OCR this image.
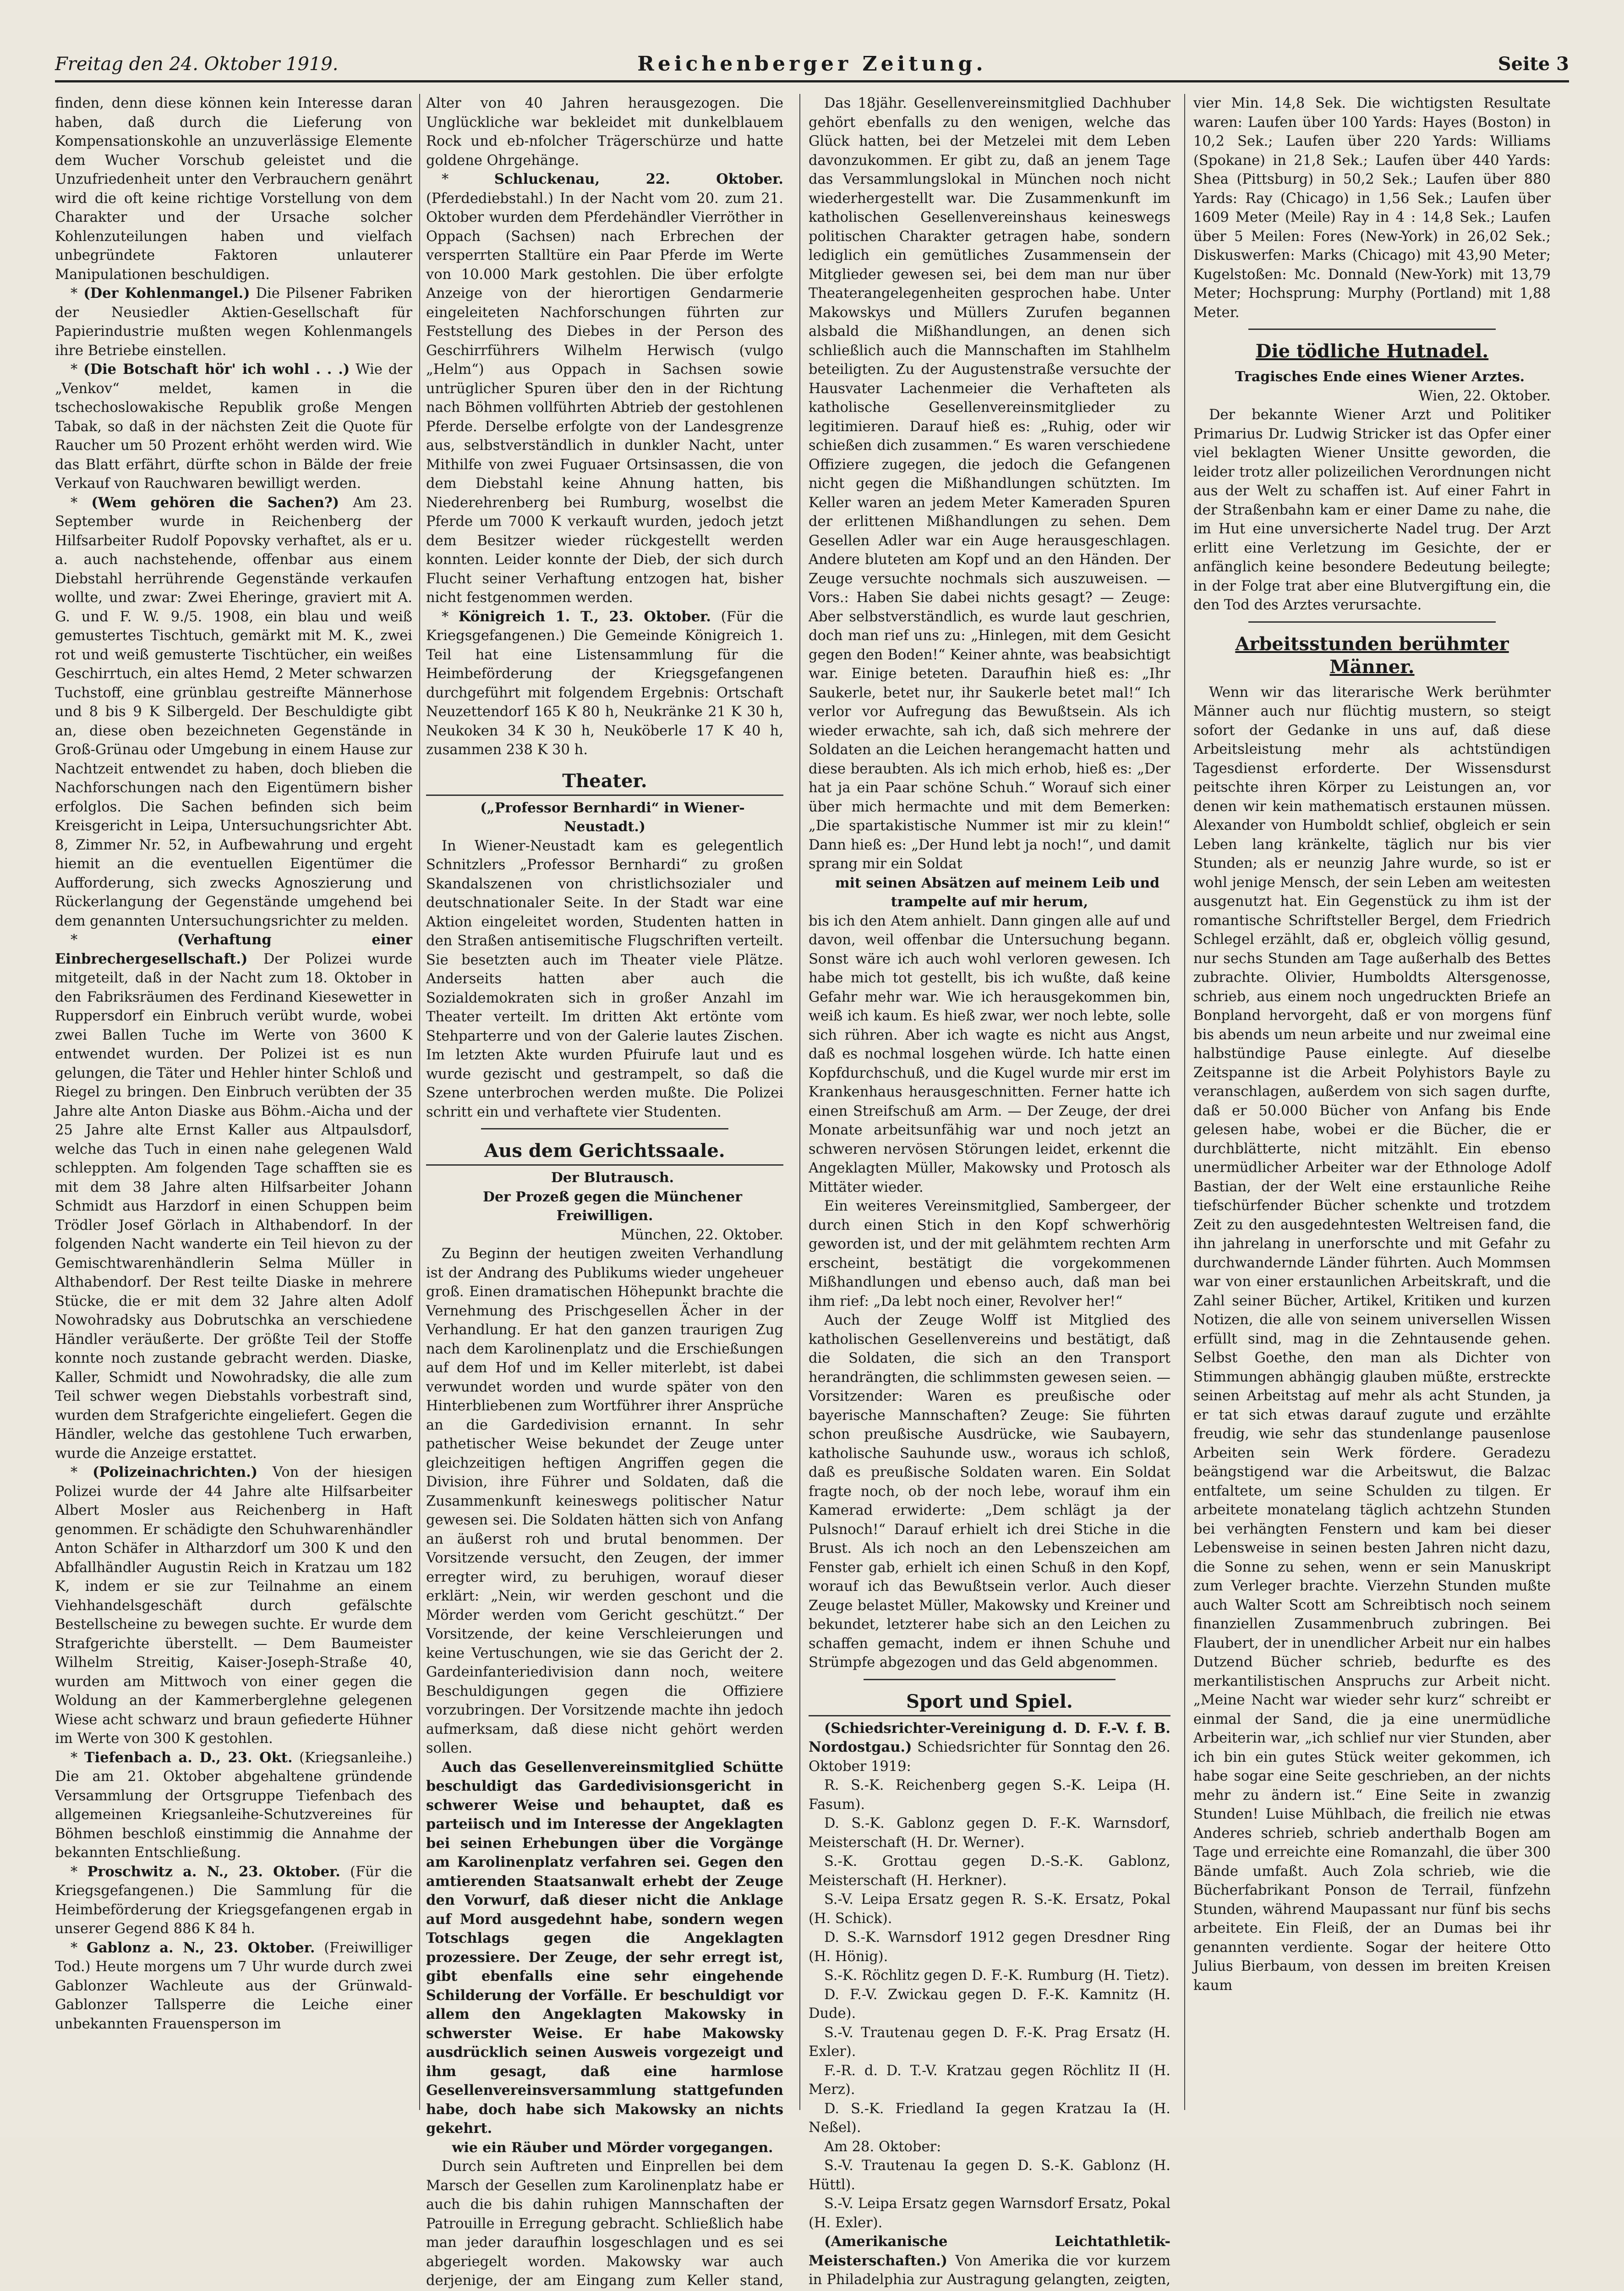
Freitag den 24. Oktober 1919.	Reichenberger Zeitung.	Seite 3

finden, denn diese können kein Interesse daran haben, daß durch die Lieferung von Kompensationskohle an unzuverlässige Elemente dem Wucher Vorschub geleistet und die Unzufriedenheit unter den Verbrauchern genährt wird die oft keine richtige Vorstellung von dem Charakter und der Ursache solcher Kohlenzuteilungen haben und vielfach unbegründete Faktoren unlauterer Manipulationen beschuldigen.

* (Der Kohlenmangel.) Die Pilsener Fabriken der Neusiedler Aktien-Gesellschaft für Papierindustrie mußten wegen Kohlenmangels ihre Betriebe einstellen.

* (Die Botschaft hör' ich wohl . . .) Wie der „Venkov“ meldet, kamen in die tschechoslowakische Republik große Mengen Tabak, so daß in der nächsten Zeit die Quote für Raucher um 50 Prozent erhöht werden wird. Wie das Blatt erfährt, dürfte schon in Bälde der freie Verkauf von Rauchwaren bewilligt werden.

* (Wem gehören die Sachen?) Am 23. September wurde in Reichenberg der Hilfsarbeiter Rudolf Popovsky verhaftet, als er u. a. auch nachstehende, offenbar aus einem Diebstahl herrührende Gegenstände verkaufen wollte, und zwar: Zwei Eheringe, graviert mit A. G. und F. W. 9./5. 1908, ein blau und weiß gemustertes Tischtuch, gemärkt mit M. K., zwei rot und weiß gemusterte Tischtücher, ein weißes Geschirrtuch, ein altes Hemd, 2 Meter schwarzen Tuchstoff, eine grünblau gestreifte Männerhose und 8 bis 9 K Silbergeld. Der Beschuldigte gibt an, diese oben bezeichneten Gegenstände in Groß-Grünau oder Umgebung in einem Hause zur Nachtzeit entwendet zu haben, doch blieben die Nachforschungen nach den Eigentümern bisher erfolglos. Die Sachen befinden sich beim Kreisgericht in Leipa, Untersuchungsrichter Abt. 8, Zimmer Nr. 52, in Aufbewahrung und ergeht hiemit an die eventuellen Eigentümer die Aufforderung, sich zwecks Agnoszierung und Rückerlangung der Gegenstände umgehend bei dem genannten Untersuchungsrichter zu melden.

* (Verhaftung einer Einbrechergesellschaft.) Der Polizei wurde mitgeteilt, daß in der Nacht zum 18. Oktober in den Fabriksräumen des Ferdinand Kiesewetter in Ruppersdorf ein Einbruch verübt wurde, wobei zwei Ballen Tuche im Werte von 3600 K entwendet wurden. Der Polizei ist es nun gelungen, die Täter und Hehler hinter Schloß und Riegel zu bringen. Den Einbruch verübten der 35 Jahre alte Anton Diaske aus Böhm.-Aicha und der 25 Jahre alte Ernst Kaller aus Altpaulsdorf, welche das Tuch in einen nahe gelegenen Wald schleppten. Am folgenden Tage schafften sie es mit dem 38 Jahre alten Hilfsarbeiter Johann Schmidt aus Harzdorf in einen Schuppen beim Trödler Josef Görlach in Althabendorf. In der folgenden Nacht wanderte ein Teil hievon zu der Gemischtwarenhändlerin Selma Müller in Althabendorf. Der Rest teilte Diaske in mehrere Stücke, die er mit dem 32 Jahre alten Adolf Nowohradsky aus Dobrutschka an verschiedene Händler veräußerte. Der größte Teil der Stoffe konnte noch zustande gebracht werden. Diaske, Kaller, Schmidt und Nowohradsky, die alle zum Teil schwer wegen Diebstahls vorbestraft sind, wurden dem Strafgerichte eingeliefert. Gegen die Händler, welche das gestohlene Tuch erwarben, wurde die Anzeige erstattet.

* (Polizeinachrichten.) Von der hiesigen Polizei wurde der 44 Jahre alte Hilfsarbeiter Albert Mosler aus Reichenberg in Haft genommen. Er schädigte den Schuhwarenhändler Anton Schäfer in Altharzdorf um 300 K und den Abfallhändler Augustin Reich in Kratzau um 182 K, indem er sie zur Teilnahme an einem Viehhandelsgeschäft durch gefälschte Bestellscheine zu bewegen suchte. Er wurde dem Strafgerichte überstellt. — Dem Baumeister Wilhelm Streitig, Kaiser-Joseph-Straße 40, wurden am Mittwoch von einer gegen die Woldung an der Kammerberglehne gelegenen Wiese acht schwarz und braun gefiederte Hühner im Werte von 300 K gestohlen.

* Tiefenbach a. D., 23. Okt. (Kriegsanleihe.) Die am 21. Oktober abgehaltene gründende Versammlung der Ortsgruppe Tiefenbach des allgemeinen Kriegsanleihe-Schutzvereines für Böhmen beschloß einstimmig die Annahme der bekannten Entschließung.

* Proschwitz a. N., 23. Oktober. (Für die Kriegsgefangenen.) Die Sammlung für die Heimbeförderung der Kriegsgefangenen ergab in unserer Gegend 886 K 84 h.

* Gablonz a. N., 23. Oktober. (Freiwilliger Tod.) Heute morgens um 7 Uhr wurde durch zwei Gablonzer Wachleute aus der Grünwald-Gablonzer Tallsperre die Leiche einer unbekannten Frauensperson im

Alter von 40 Jahren herausgezogen. Die Unglückliche war bekleidet mit dunkelblauem Rock und eb-nfolcher Trägerschürze und hatte goldene Ohrgehänge.

* Schluckenau, 22. Oktober. (Pferdediebstahl.) In der Nacht vom 20. zum 21. Oktober wurden dem Pferdehändler Vierröther in Oppach (Sachsen) nach Erbrechen der versperrten Stalltüre ein Paar Pferde im Werte von 10.000 Mark gestohlen. Die über erfolgte Anzeige von der hierortigen Gendarmerie eingeleiteten Nachforschungen führten zur Feststellung des Diebes in der Person des Geschirrführers Wilhelm Herwisch (vulgo „Helm“) aus Oppach in Sachsen sowie untrüglicher Spuren über den in der Richtung nach Böhmen vollführten Abtrieb der gestohlenen Pferde. Derselbe erfolgte von der Landesgrenze aus, selbstverständlich in dunkler Nacht, unter Mithilfe von zwei Fuguaer Ortsinsassen, die von dem Diebstahl keine Ahnung hatten, bis Niederehrenberg bei Rumburg, woselbst die Pferde um 7000 K verkauft wurden, jedoch jetzt dem Besitzer wieder rückgestellt werden konnten. Leider konnte der Dieb, der sich durch Flucht seiner Verhaftung entzogen hat, bisher nicht festgenommen werden.

* Königreich 1. T., 23. Oktober. (Für die Kriegsgefangenen.) Die Gemeinde Königreich 1. Teil hat eine Listensammlung für die Heimbeförderung der Kriegsgefangenen durchgeführt mit folgendem Ergebnis: Ortschaft Neuzettendorf 165 K 80 h, Neukränke 21 K 30 h, Neukoken 34 K 30 h, Neuköberle 17 K 40 h, zusammen 238 K 30 h.

Theater.

(„Professor Bernhardi“ in Wiener-Neustadt.)

In Wiener-Neustadt kam es gelegentlich Schnitzlers „Professor Bernhardi“ zu großen Skandalszenen von christlichsozialer und deutschnationaler Seite. In der Stadt war eine Aktion eingeleitet worden, Studenten hatten in den Straßen antisemitische Flugschriften verteilt. Sie besetzten auch im Theater viele Plätze. Anderseits hatten aber auch die Sozialdemokraten sich in großer Anzahl im Theater verteilt. Im dritten Akt ertönte vom Stehparterre und von der Galerie lautes Zischen. Im letzten Akte wurden Pfuirufe laut und es wurde gezischt und gestrampelt, so daß die Szene unterbrochen werden mußte. Die Polizei schritt ein und verhaftete vier Studenten.

Aus dem Gerichtssaale.

Der Blutrausch.

Der Prozeß gegen die Münchener Freiwilligen.

München, 22. Oktober.

Zu Beginn der heutigen zweiten Verhandlung ist der Andrang des Publikums wieder ungeheuer groß. Einen dramatischen Höhepunkt brachte die Vernehmung des Prischgesellen Ächer in der Verhandlung. Er hat den ganzen traurigen Zug nach dem Karolinenplatz und die Erschießungen auf dem Hof und im Keller miterlebt, ist dabei verwundet worden und wurde später von den Hinterbliebenen zum Wortführer ihrer Ansprüche an die Gardedivision ernannt. In sehr pathetischer Weise bekundet der Zeuge unter gleichzeitigen heftigen Angriffen gegen die Division, ihre Führer und Soldaten, daß die Zusammenkunft keineswegs politischer Natur gewesen sei. Die Soldaten hätten sich von Anfang an äußerst roh und brutal benommen. Der Vorsitzende versucht, den Zeugen, der immer erregter wird, zu beruhigen, worauf dieser erklärt: „Nein, wir werden geschont und die Mörder werden vom Gericht geschützt.“ Der Vorsitzende, der keine Verschleierungen und keine Vertuschungen, wie sie das Gericht der 2. Gardeinfanteriedivision dann noch, weitere Beschuldigungen gegen die Offiziere vorzubringen. Der Vorsitzende machte ihn jedoch aufmerksam, daß diese nicht gehört werden sollen.

Auch das Gesellenvereinsmitglied Schütte beschuldigt das Gardedivisionsgericht in schwerer Weise und behauptet, daß es parteiisch und im Interesse der Angeklagten bei seinen Erhebungen über die Vorgänge am Karolinenplatz verfahren sei. Gegen den amtierenden Staatsanwalt erhebt der Zeuge den Vorwurf, daß dieser nicht die Anklage auf Mord ausgedehnt habe, sondern wegen Totschlags gegen die Angeklagten prozessiere. Der Zeuge, der sehr erregt ist, gibt ebenfalls eine sehr eingehende Schilderung der Vorfälle. Er beschuldigt vor allem den Angeklagten Makowsky in schwerster Weise. Er habe Makowsky ausdrücklich seinen Ausweis vorgezeigt und ihm gesagt, daß eine harmlose Gesellenvereinsversammlung stattgefunden habe, doch habe sich Makowsky an nichts gekehrt.

wie ein Räuber und Mörder vorgegangen.

Durch sein Auftreten und Einprellen bei dem Marsch der Gesellen zum Karolinenplatz habe er auch die bis dahin ruhigen Mannschaften der Patrouille in Erregung gebracht. Schließlich habe man jeder daraufhin losgeschlagen und es sei abgeriegelt worden. Makowsky war auch derjenige, der am Eingang zum Keller stand,

Das 18jähr. Gesellenvereinsmitglied Dachhuber gehört ebenfalls zu den wenigen, welche das Glück hatten, bei der Metzelei mit dem Leben davonzukommen. Er gibt zu, daß an jenem Tage das Versammlungslokal in München noch nicht wiederhergestellt war. Die Zusammenkunft im katholischen Gesellenvereinshaus keineswegs politischen Charakter getragen habe, sondern lediglich ein gemütliches Zusammensein der Mitglieder gewesen sei, bei dem man nur über Theaterangelegenheiten gesprochen habe. Unter Makowskys und Müllers Zurufen begannen alsbald die Mißhandlungen, an denen sich schließlich auch die Mannschaften im Stahlhelm beteiligten. Zu der Augustenstraße versuchte der Hausvater Lachenmeier die Verhafteten als katholische Gesellenvereinsmitglieder zu legitimieren. Darauf hieß es: „Ruhig, oder wir schießen dich zusammen.“ Es waren verschiedene Offiziere zugegen, die jedoch die Gefangenen nicht gegen die Mißhandlungen schützten. Im Keller waren an jedem Meter Kameraden Spuren der erlittenen Mißhandlungen zu sehen. Dem Gesellen Adler war ein Auge herausgeschlagen. Andere bluteten am Kopf und an den Händen. Der Zeuge versuchte nochmals sich auszuweisen. — Vors.: Haben Sie dabei nichts gesagt? — Zeuge: Aber selbstverständlich, es wurde laut geschrien, doch man rief uns zu: „Hinlegen, mit dem Gesicht gegen den Boden!“ Keiner ahnte, was beabsichtigt war. Einige beteten. Daraufhin hieß es: „Ihr Saukerle, betet nur, ihr Saukerle betet mal!“ Ich verlor vor Aufregung das Bewußtsein. Als ich wieder erwachte, sah ich, daß sich mehrere der Soldaten an die Leichen herangemacht hatten und diese beraubten. Als ich mich erhob, hieß es: „Der hat ja ein Paar schöne Schuh.“ Worauf sich einer über mich hermachte und mit dem Bemerken: „Die spartakistische Nummer ist mir zu klein!“ Dann hieß es: „Der Hund lebt ja noch!“, und damit sprang mir ein Soldat

mit seinen Absätzen auf meinem Leib und trampelte auf mir herum,

bis ich den Atem anhielt. Dann gingen alle auf und davon, weil offenbar die Untersuchung begann. Sonst wäre ich auch wohl verloren gewesen. Ich habe mich tot gestellt, bis ich wußte, daß keine Gefahr mehr war. Wie ich herausgekommen bin, weiß ich kaum. Es hieß zwar, wer noch lebte, solle sich rühren. Aber ich wagte es nicht aus Angst, daß es nochmal losgehen würde. Ich hatte einen Kopfdurchschuß, und die Kugel wurde mir erst im Krankenhaus herausgeschnitten. Ferner hatte ich einen Streifschuß am Arm. — Der Zeuge, der drei Monate arbeitsunfähig war und noch jetzt an schweren nervösen Störungen leidet, erkennt die Angeklagten Müller, Makowsky und Protosch als Mittäter wieder.

Ein weiteres Vereinsmitglied, Sambergeer, der durch einen Stich in den Kopf schwerhörig geworden ist, und der mit gelähmtem rechten Arm erscheint, bestätigt die vorgekommenen Mißhandlungen und ebenso auch, daß man bei ihm rief: „Da lebt noch einer, Revolver her!“

Auch der Zeuge Wolff ist Mitglied des katholischen Gesellenvereins und bestätigt, daß die Soldaten, die sich an den Transport herandrängten, die schlimmsten gewesen seien. — Vorsitzender: Waren es preußische oder bayerische Mannschaften? Zeuge: Sie führten schon preußische Ausdrücke, wie Saubayern, katholische Sauhunde usw., woraus ich schloß, daß es preußische Soldaten waren. Ein Soldat fragte noch, ob der noch lebe, worauf ihm ein Kamerad erwiderte: „Dem schlägt ja der Pulsnoch!“ Darauf erhielt ich drei Stiche in die Brust. Als ich noch an den Lebenszeichen am Fenster gab, erhielt ich einen Schuß in den Kopf, worauf ich das Bewußtsein verlor. Auch dieser Zeuge belastet Müller, Makowsky und Kreiner und bekundet, letzterer habe sich an den Leichen zu schaffen gemacht, indem er ihnen Schuhe und Strümpfe abgezogen und das Geld abgenommen.

Sport und Spiel.

(Schiedsrichter-Vereinigung d. D. F.-V. f. B. Nordostgau.) Schiedsrichter für Sonntag den 26. Oktober 1919:

R. S.-K. Reichenberg gegen S.-K. Leipa (H. Fasum).

D. S.-K. Gablonz gegen D. F.-K. Warnsdorf, Meisterschaft (H. Dr. Werner).

S.-K. Grottau gegen D.-S.-K. Gablonz, Meisterschaft (H. Herkner).

S.-V. Leipa Ersatz gegen R. S.-K. Ersatz, Pokal (H. Schick).

D. S.-K. Warnsdorf 1912 gegen Dresdner Ring (H. Hönig).

S.-K. Röchlitz gegen D. F.-K. Rumburg (H. Tietz).

D. F.-V. Zwickau gegen D. F.-K. Kamnitz (H. Dude).

S.-V. Trautenau gegen D. F.-K. Prag Ersatz (H. Exler).

F.-R. d. D. T.-V. Kratzau gegen Röchlitz II (H. Merz).

D. S.-K. Friedland Ia gegen Kratzau Ia (H. Neßel).

Am 28. Oktober:

S.-V. Trautenau Ia gegen D. S.-K. Gablonz (H. Hüttl).

S.-V. Leipa Ersatz gegen Warnsdorf Ersatz, Pokal (H. Exler).

(Amerikanische Leichtathletik-Meisterschaften.) Von Amerika die vor kurzem in Philadelphia zur Austragung gelangten, zeigten,

vier Min. 14,8 Sek. Die wichtigsten Resultate waren: Laufen über 100 Yards: Hayes (Boston) in 10,2 Sek.; Laufen über 220 Yards: Williams (Spokane) in 21,8 Sek.; Laufen über 440 Yards: Shea (Pittsburg) in 50,2 Sek.; Laufen über 880 Yards: Ray (Chicago) in 1,56 Sek.; Laufen über 1609 Meter (Meile) Ray in 4 : 14,8 Sek.; Laufen über 5 Meilen: Fores (New-York) in 26,02 Sek.; Diskuswerfen: Marks (Chicago) mit 43,90 Meter; Kugelstoßen: Mc. Donnald (New-York) mit 13,79 Meter; Hochsprung: Murphy (Portland) mit 1,88 Meter.

Die tödliche Hutnadel.

Tragisches Ende eines Wiener Arztes.

Wien, 22. Oktober.

Der bekannte Wiener Arzt und Politiker Primarius Dr. Ludwig Stricker ist das Opfer einer viel beklagten Wiener Unsitte geworden, die leider trotz aller polizeilichen Verordnungen nicht aus der Welt zu schaffen ist. Auf einer Fahrt in der Straßenbahn kam er einer Dame zu nahe, die im Hut eine unversicherte Nadel trug. Der Arzt erlitt eine Verletzung im Gesichte, der er anfänglich keine besondere Bedeutung beilegte; in der Folge trat aber eine Blutvergiftung ein, die den Tod des Arztes verursachte.

Arbeitsstunden berühmter Männer.

Wenn wir das literarische Werk berühmter Männer auch nur flüchtig mustern, so steigt sofort der Gedanke in uns auf, daß diese Arbeitsleistung mehr als achtstündigen Tagesdienst erforderte. Der Wissensdurst peitschte ihren Körper zu Leistungen an, vor denen wir kein mathematisch erstaunen müssen. Alexander von Humboldt schlief, obgleich er sein Leben lang kränkelte, täglich nur bis vier Stunden; als er neunzig Jahre wurde, so ist er wohl jenige Mensch, der sein Leben am weitesten ausgenutzt hat. Ein Gegenstück zu ihm ist der romantische Schriftsteller Bergel, dem Friedrich Schlegel erzählt, daß er, obgleich völlig gesund, nur sechs Stunden am Tage außerhalb des Bettes zubrachte. Olivier, Humboldts Altersgenosse, schrieb, aus einem noch ungedruckten Briefe an Bonpland hervorgeht, daß er von morgens fünf bis abends um neun arbeite und nur zweimal eine halbstündige Pause einlegte. Auf dieselbe Zeitspanne ist die Arbeit Polyhistors Bayle zu veranschlagen, außerdem von sich sagen durfte, daß er 50.000 Bücher von Anfang bis Ende gelesen habe, wobei er die Bücher, die er durchblätterte, nicht mitzählt. Ein ebenso unermüdlicher Arbeiter war der Ethnologe Adolf Bastian, der der Welt eine erstaunliche Reihe tiefschürfender Bücher schenkte und trotzdem Zeit zu den ausgedehntesten Weltreisen fand, die ihn jahrelang in unerforschte und mit Gefahr zu durchwandernde Länder führten. Auch Mommsen war von einer erstaunlichen Arbeitskraft, und die Zahl seiner Bücher, Artikel, Kritiken und kurzen Notizen, die alle von seinem universellen Wissen erfüllt sind, mag in die Zehntausende gehen. Selbst Goethe, den man als Dichter von Stimmungen abhängig glauben müßte, erstreckte seinen Arbeitstag auf mehr als acht Stunden, ja er tat sich etwas darauf zugute und erzählte freudig, wie sehr das stundenlange pausenlose Arbeiten sein Werk fördere. Geradezu beängstigend war die Arbeitswut, die Balzac entfaltete, um seine Schulden zu tilgen. Er arbeitete monatelang täglich achtzehn Stunden bei verhängten Fenstern und kam bei dieser Lebensweise in seinen besten Jahren nicht dazu, die Sonne zu sehen, wenn er sein Manuskript zum Verleger brachte. Vierzehn Stunden mußte auch Walter Scott am Schreibtisch noch seinem finanziellen Zusammenbruch zubringen. Bei Flaubert, der in unendlicher Arbeit nur ein halbes Dutzend Bücher schrieb, bedurfte es des merkantilistischen Anspruchs zur Arbeit nicht. „Meine Nacht war wieder sehr kurz“ schreibt er einmal der Sand, die ja eine unermüdliche Arbeiterin war, „ich schlief nur vier Stunden, aber ich bin ein gutes Stück weiter gekommen, ich habe sogar eine Seite geschrieben, an der nichts mehr zu ändern ist.“ Eine Seite in zwanzig Stunden! Luise Mühlbach, die freilich nie etwas Anderes schrieb, schrieb anderthalb Bogen am Tage und erreichte eine Romanzahl, die über 300 Bände umfaßt. Auch Zola schrieb, wie die Bücherfabrikant Ponson de Terrail, fünfzehn Stunden, während Maupassant nur fünf bis sechs arbeitete. Ein Fleiß, der an Dumas bei ihr genannten verdiente. Sogar der heitere Otto Julius Bierbaum, von dessen im breiten Kreisen kaum
